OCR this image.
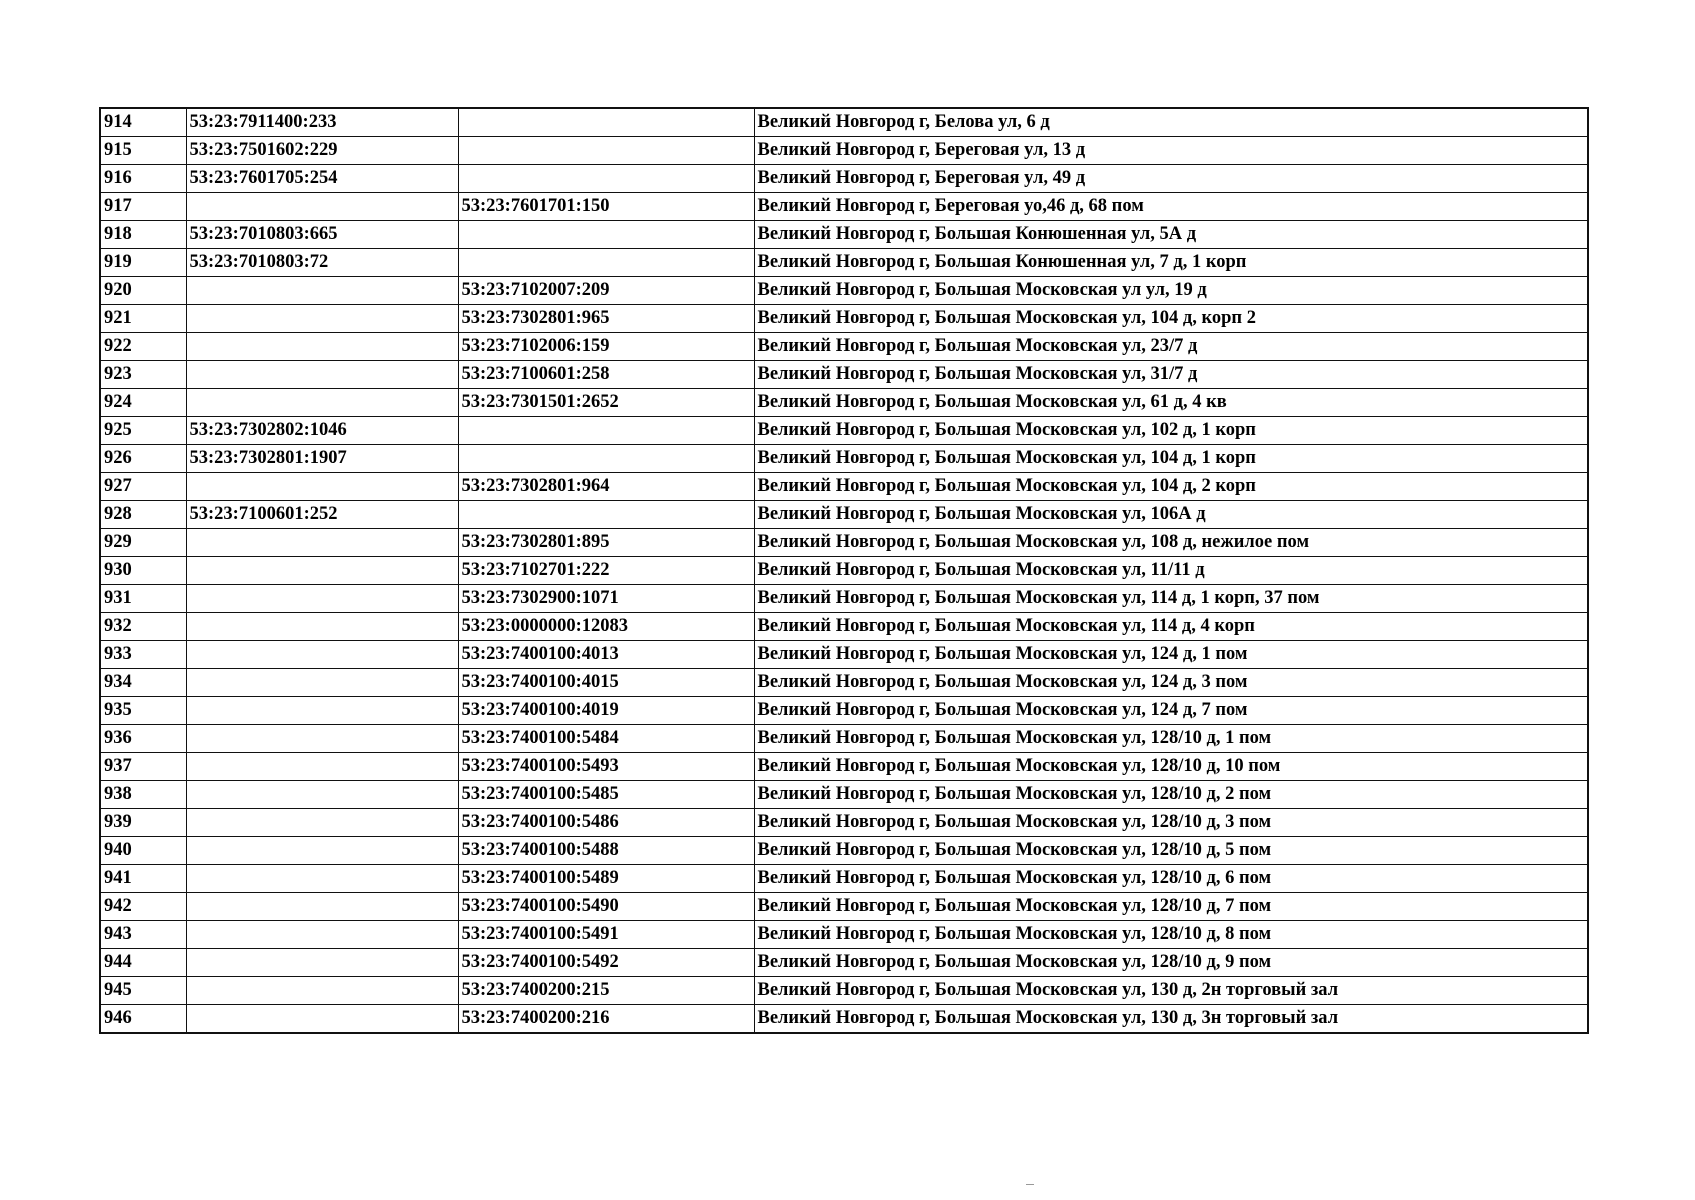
914	53:23:7911400:233		Великий Новгород г, Белова ул, 6 д
915	53:23:7501602:229		Великий Новгород г, Береговая ул, 13 д
916	53:23:7601705:254		Великий Новгород г, Береговая ул, 49 д
917		53:23:7601701:150	Великий Новгород г, Береговая уо,46 д, 68 пом
918	53:23:7010803:665		Великий Новгород г, Большая Конюшенная ул, 5А д
919	53:23:7010803:72		Великий Новгород г, Большая Конюшенная ул, 7 д, 1 корп
920		53:23:7102007:209	Великий Новгород г, Большая Московская ул ул, 19 д
921		53:23:7302801:965	Великий Новгород г, Большая Московская ул, 104 д, корп 2
922		53:23:7102006:159	Великий Новгород г, Большая Московская ул, 23/7 д
923		53:23:7100601:258	Великий Новгород г, Большая Московская ул, 31/7 д
924		53:23:7301501:2652	Великий Новгород г, Большая Московская ул, 61 д, 4 кв
925	53:23:7302802:1046		Великий Новгород г, Большая Московская ул, 102 д, 1 корп
926	53:23:7302801:1907		Великий Новгород г, Большая Московская ул, 104 д, 1 корп
927		53:23:7302801:964	Великий Новгород г, Большая Московская ул, 104 д, 2 корп
928	53:23:7100601:252		Великий Новгород г, Большая Московская ул, 106А д
929		53:23:7302801:895	Великий Новгород г, Большая Московская ул, 108 д, нежилое пом
930		53:23:7102701:222	Великий Новгород г, Большая Московская ул, 11/11 д
931		53:23:7302900:1071	Великий Новгород г, Большая Московская ул, 114 д, 1 корп, 37 пом
932		53:23:0000000:12083	Великий Новгород г, Большая Московская ул, 114 д, 4 корп
933		53:23:7400100:4013	Великий Новгород г, Большая Московская ул, 124 д, 1 пом
934		53:23:7400100:4015	Великий Новгород г, Большая Московская ул, 124 д, 3 пом
935		53:23:7400100:4019	Великий Новгород г, Большая Московская ул, 124 д, 7 пом
936		53:23:7400100:5484	Великий Новгород г, Большая Московская ул, 128/10 д, 1 пом
937		53:23:7400100:5493	Великий Новгород г, Большая Московская ул, 128/10 д, 10 пом
938		53:23:7400100:5485	Великий Новгород г, Большая Московская ул, 128/10 д, 2 пом
939		53:23:7400100:5486	Великий Новгород г, Большая Московская ул, 128/10 д, 3 пом
940		53:23:7400100:5488	Великий Новгород г, Большая Московская ул, 128/10 д, 5 пом
941		53:23:7400100:5489	Великий Новгород г, Большая Московская ул, 128/10 д, 6 пом
942		53:23:7400100:5490	Великий Новгород г, Большая Московская ул, 128/10 д, 7 пом
943		53:23:7400100:5491	Великий Новгород г, Большая Московская ул, 128/10 д, 8 пом
944		53:23:7400100:5492	Великий Новгород г, Большая Московская ул, 128/10 д, 9 пом
945		53:23:7400200:215	Великий Новгород г, Большая Московская ул, 130 д, 2н торговый зал
946		53:23:7400200:216	Великий Новгород г, Большая Московская ул, 130 д, 3н торговый зал
